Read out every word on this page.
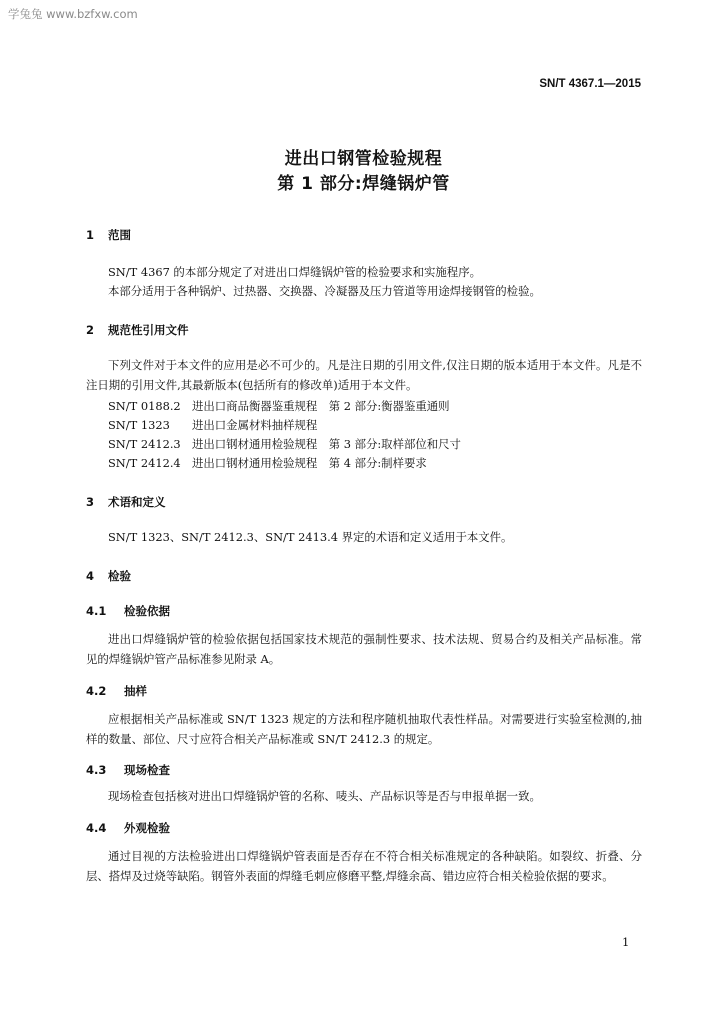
学兔兔 www.bzfxw.com
SN/T 4367.1—2015
进出口钢管检验规程
第 1 部分:焊缝锅炉管
1 范围
SN/T 4367 的本部分规定了对进出口焊缝锅炉管的检验要求和实施程序。
本部分适用于各种锅炉、过热器、交换器、冷凝器及压力管道等用途焊接钢管的检验。
2 规范性引用文件
下列文件对于本文件的应用是必不可少的。凡是注日期的引用文件,仅注日期的版本适用于本文件。凡是不注日期的引用文件,其最新版本(包括所有的修改单)适用于本文件。
SN/T 0188.2 进出口商品衡器鉴重规程　第 2 部分:衡器鉴重通则
SN/T 1323 进出口金属材料抽样规程
SN/T 2412.3 进出口钢材通用检验规程　第 3 部分:取样部位和尺寸
SN/T 2412.4 进出口钢材通用检验规程　第 4 部分:制样要求
3 术语和定义
SN/T 1323、SN/T 2412.3、SN/T 2413.4 界定的术语和定义适用于本文件。
4 检验
4.1 检验依据
进出口焊缝锅炉管的检验依据包括国家技术规范的强制性要求、技术法规、贸易合约及相关产品标准。常见的焊缝锅炉管产品标准参见附录 A。
4.2 抽样
应根据相关产品标准或 SN/T 1323 规定的方法和程序随机抽取代表性样品。对需要进行实验室检测的,抽样的数量、部位、尺寸应符合相关产品标准或 SN/T 2412.3 的规定。
4.3 现场检查
现场检查包括核对进出口焊缝锅炉管的名称、唛头、产品标识等是否与申报单据一致。
4.4 外观检验
通过目视的方法检验进出口焊缝锅炉管表面是否存在不符合相关标准规定的各种缺陷。如裂纹、折叠、分层、搭焊及过烧等缺陷。钢管外表面的焊缝毛刺应修磨平整,焊缝余高、错边应符合相关检验依据的要求。
1
